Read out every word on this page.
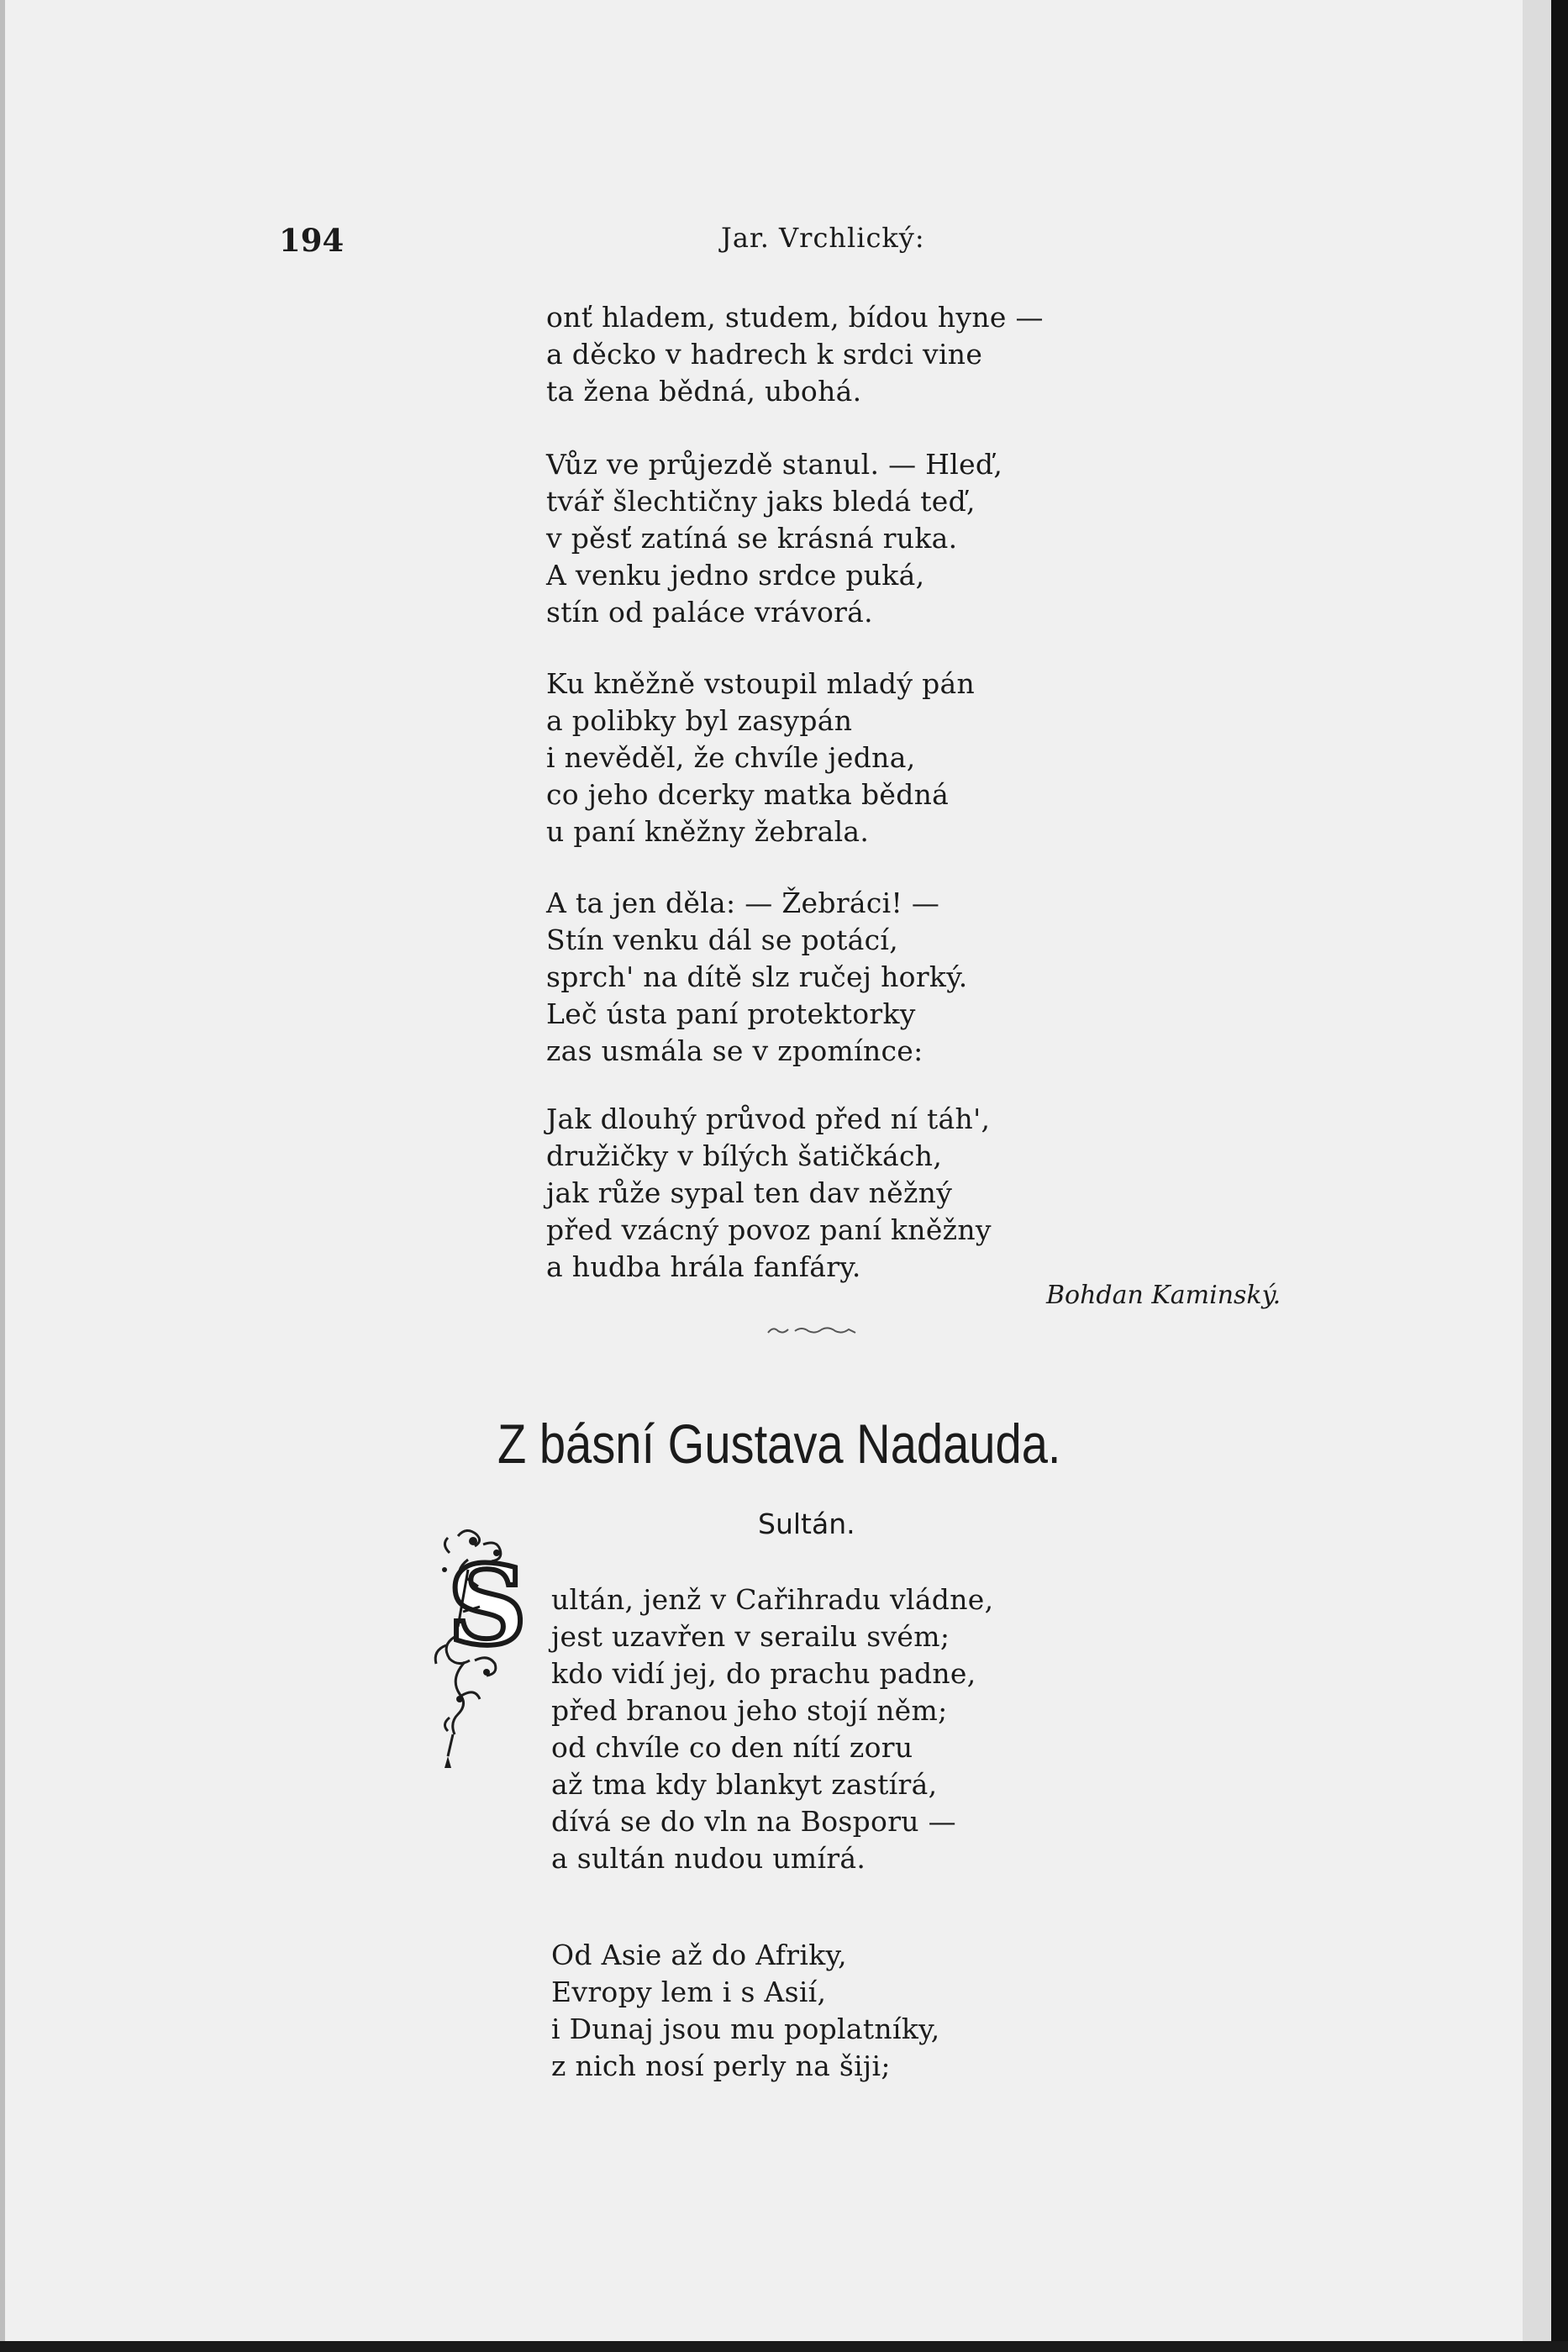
194	Jar. Vrchlický:
onť hladem, studem, bídou hyne —
a děcko v hadrech k srdci vine
ta žena bědná, ubohá.
Vůz ve průjezdě stanul. — Hleď,
tvář šlechtičny jaks bledá teď,
v pěsť zatíná se krásná ruka.
A venku jedno srdce puká,
stín od paláce vrávorá.
Ku kněžně vstoupil mladý pán
a polibky byl zasypán
i nevěděl, že chvíle jedna,
co jeho dcerky matka bědná
u paní kněžny žebrala.
A ta jen děla: — Žebráci! —
Stín venku dál se potácí,
sprch' na dítě slz ručej horký.
Leč ústa paní protektorky
zas usmála se v zpomínce:
Jak dlouhý průvod před ní táh',
družičky v bílých šatičkách,
jak růže sypal ten dav něžný
před vzácný povoz paní kněžny
a hudba hrála fanfáry.
Bohdan Kaminský.
Z básní Gustava Nadauda.
Sultán.
S ultán, jenž v Cařihradu vládne,
jest uzavřen v serailu svém;
kdo vidí jej, do prachu padne,
před branou jeho stojí něm;
od chvíle co den nítí zoru
až tma kdy blankyt zastírá,
dívá se do vln na Bosporu —
a sultán nudou umírá.
Od Asie až do Afriky,
Evropy lem i s Asií,
i Dunaj jsou mu poplatníky,
z nich nosí perly na šiji;
